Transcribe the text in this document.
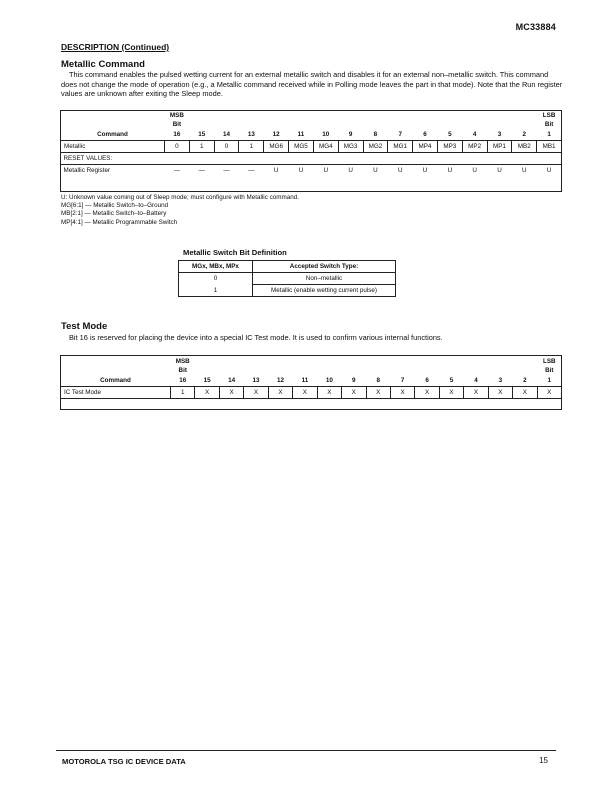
MC33884
DESCRIPTION (Continued)
Metallic Command
This command enables the pulsed wetting current for an external metallic switch and disables it for an external non–metallic switch. This command does not change the mode of operation (e.g., a Metallic command received while in Polling mode leaves the part in that mode). Note that the Run register values are unknown after exiting the Sleep mode.
	MSB
Bit															LSB
Bit
Command	16	15	14	13	12	11	10	9	8	7	6	5	4	3	2	1
Metallic	0	1	0	1	MG6	MG5	MG4	MG3	MG2	MG1	MP4	MP3	MP2	MP1	MB2	MB1
RESET VALUES:																
Metallic Register	—	—	—	—	U	U	U	U	U	U	U	U	U	U	U	U
U: Unknown value coming out of Sleep mode; must configure with Metallic command.
MG[6:1] — Metallic Switch–to–Ground
MB[2:1] — Metallic Switch–to–Battery
MP[4:1] — Metallic Programmable Switch
Metallic Switch Bit Definition
MGx, MBx, MPx	Accepted Switch Type:
0	Non–metallic
1	Metallic (enable wetting current pulse)
Test Mode
Bit 16 is reserved for placing the device into a special IC Test mode. It is used to confirm various internal functions.
	MSB
Bit															LSB
Bit
Command	16	15	14	13	12	11	10	9	8	7	6	5	4	3	2	1
IC Test Mode	1	X	X	X	X	X	X	X	X	X	X	X	X	X	X	X
MOTOROLA TSG IC DEVICE DATA	15
